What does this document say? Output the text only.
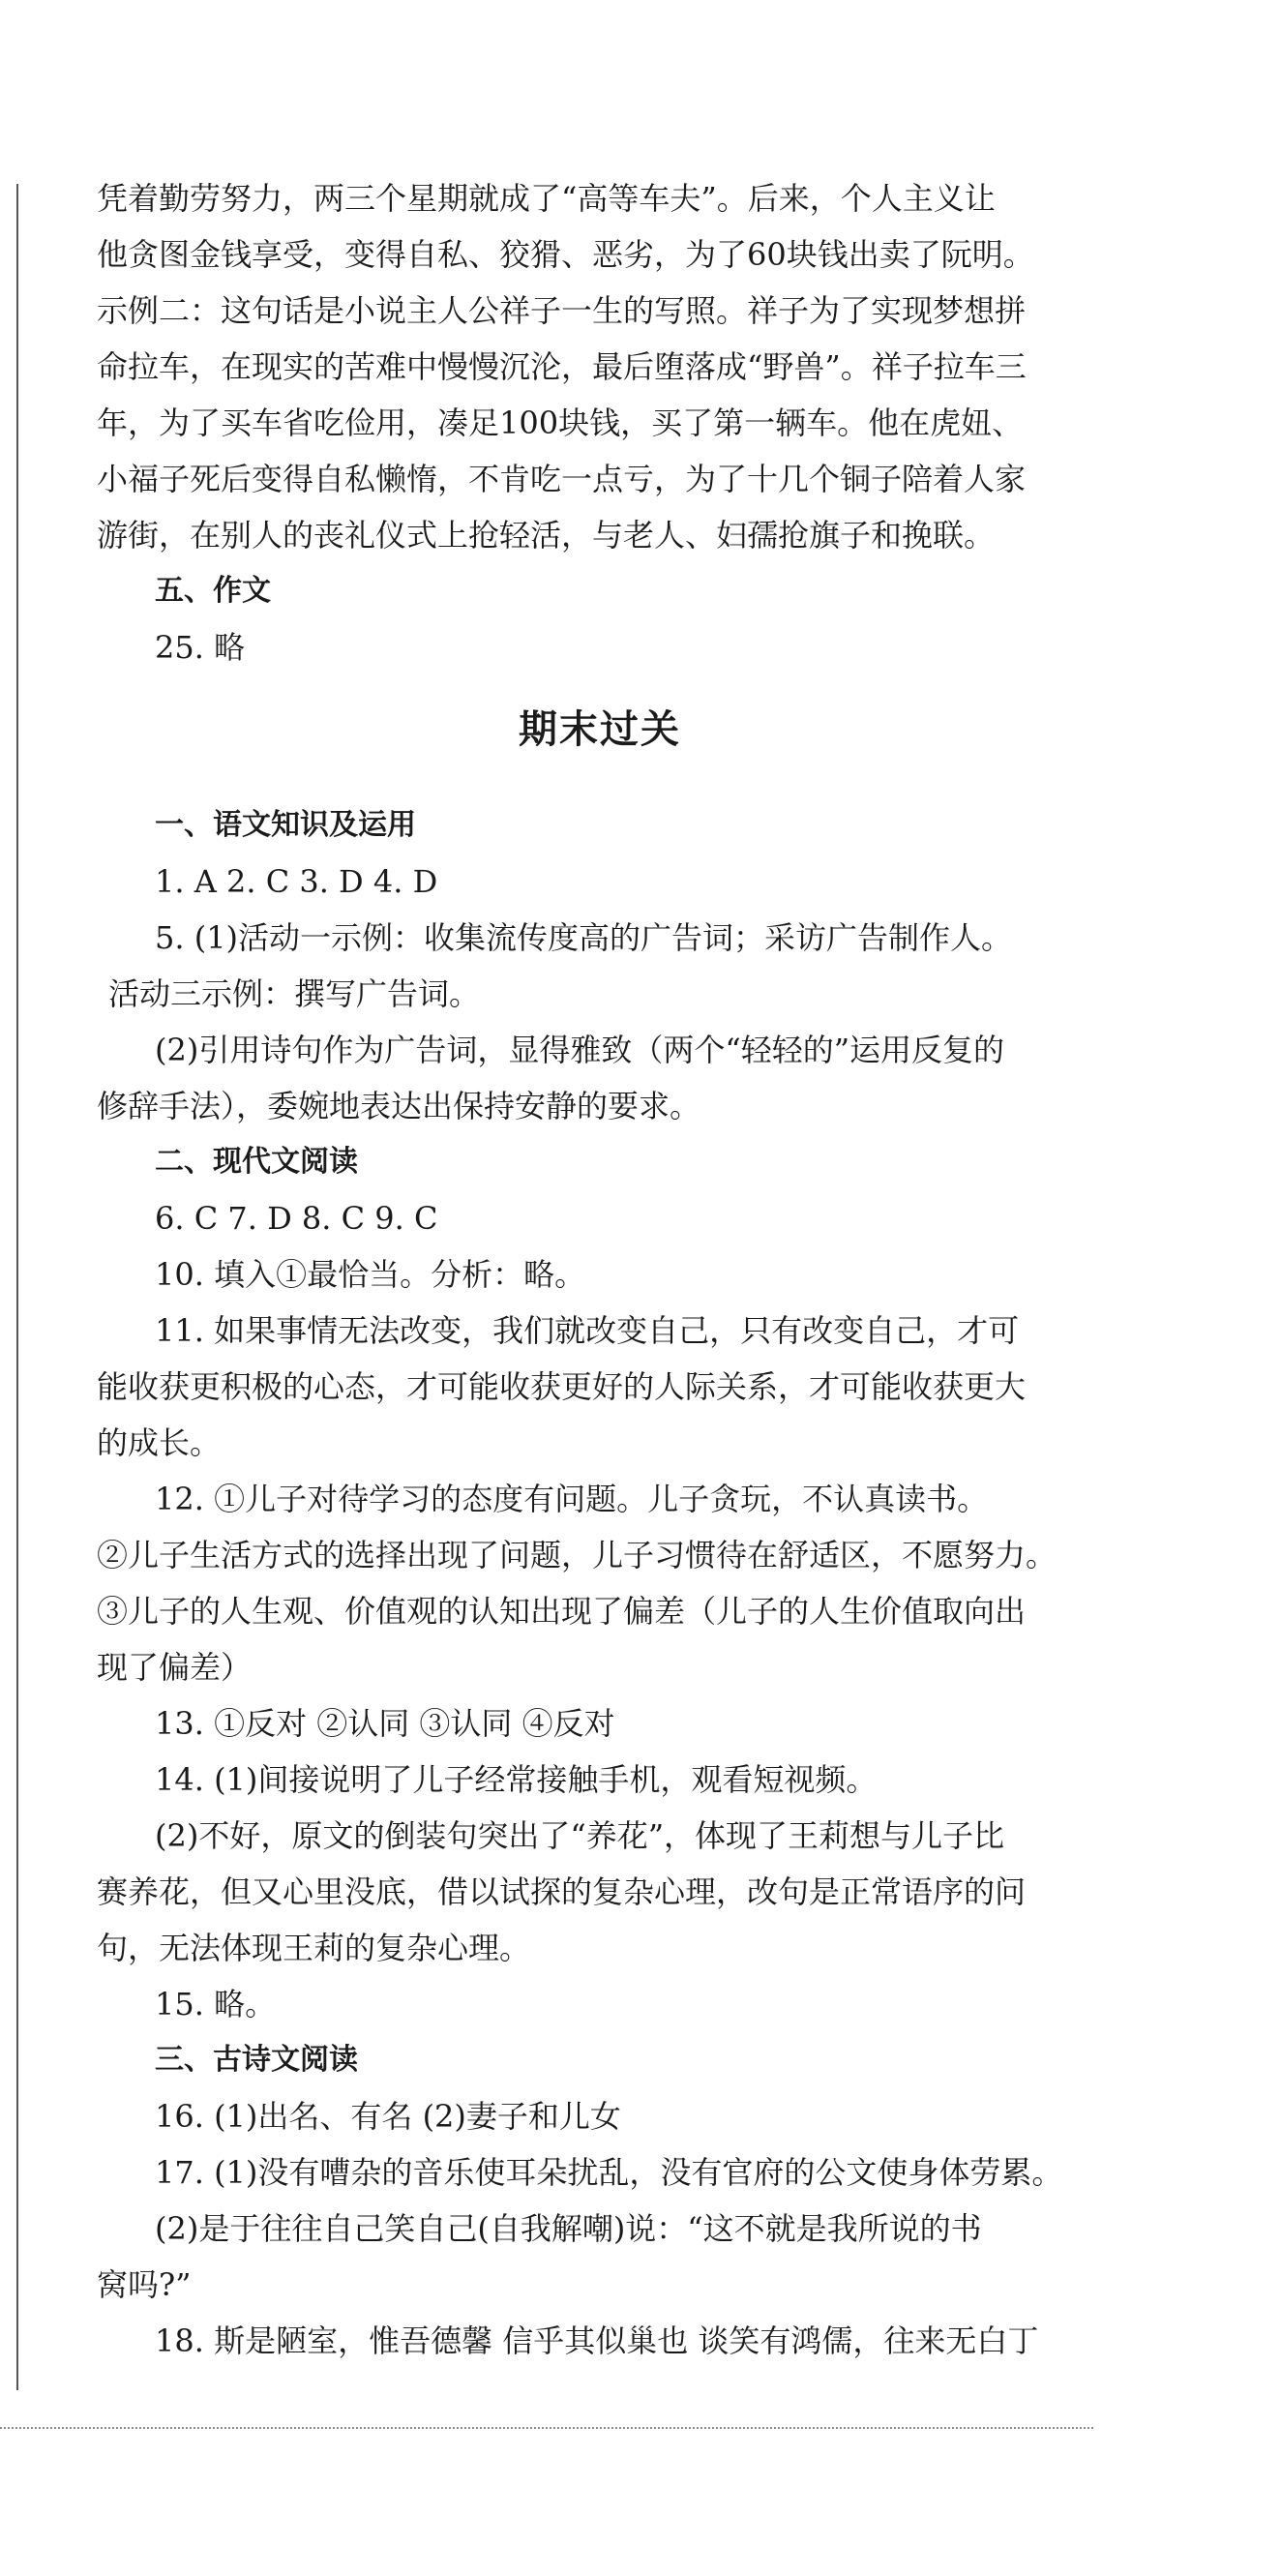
凭着勤劳努力，两三个星期就成了“高等车夫”。后来，个人主义让

他贪图金钱享受，变得自私、狡猾、恶劣，为了60块钱出卖了阮明。

示例二：这句话是小说主人公祥子一生的写照。祥子为了实现梦想拼

命拉车，在现实的苦难中慢慢沉沦，最后堕落成“野兽”。祥子拉车三

年，为了买车省吃俭用，凑足100块钱，买了第一辆车。他在虎妞、

小福子死后变得自私懒惰，不肯吃一点亏，为了十几个铜子陪着人家

游街，在别人的丧礼仪式上抢轻活，与老人、妇孺抢旗子和挽联。

五、作文

25. 略

期末过关

一、语文知识及运用

1. A 2. C 3. D 4. D

5. (1)活动一示例：收集流传度高的广告词；采访广告制作人。

活动三示例：撰写广告词。

(2)引用诗句作为广告词，显得雅致（两个“轻轻的”运用反复的

修辞手法），委婉地表达出保持安静的要求。

二、现代文阅读

6. C 7. D 8. C 9. C

10. 填入①最恰当。分析：略。

11. 如果事情无法改变，我们就改变自己，只有改变自己，才可

能收获更积极的心态，才可能收获更好的人际关系，才可能收获更大

的成长。

12. ①儿子对待学习的态度有问题。儿子贪玩，不认真读书。

②儿子生活方式的选择出现了问题，儿子习惯待在舒适区，不愿努力。

③儿子的人生观、价值观的认知出现了偏差（儿子的人生价值取向出

现了偏差）

13. ①反对 ②认同 ③认同 ④反对

14. (1)间接说明了儿子经常接触手机，观看短视频。

(2)不好，原文的倒装句突出了“养花”，体现了王莉想与儿子比

赛养花，但又心里没底，借以试探的复杂心理，改句是正常语序的问

句，无法体现王莉的复杂心理。

15. 略。

三、古诗文阅读

16. (1)出名、有名 (2)妻子和儿女

17. (1)没有嘈杂的音乐使耳朵扰乱，没有官府的公文使身体劳累。

(2)是于往往自己笑自己(自我解嘲)说：“这不就是我所说的书

窝吗?”

18. 斯是陋室，惟吾德馨 信乎其似巢也 谈笑有鸿儒，往来无白丁
